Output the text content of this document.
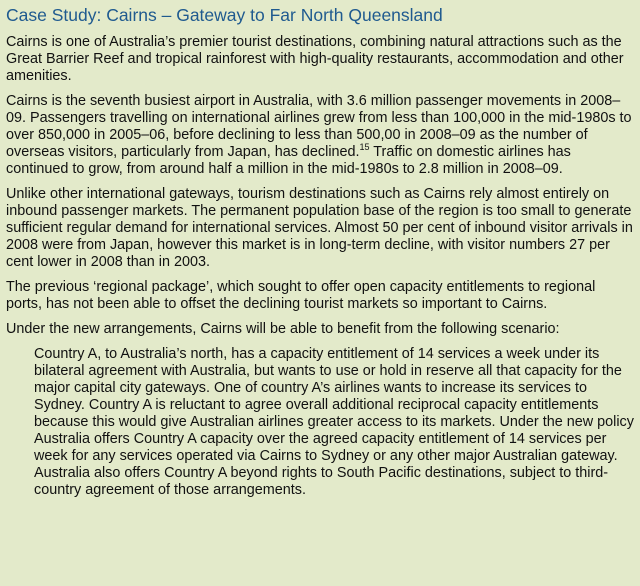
Case Study: Cairns – Gateway to Far North Queensland

Cairns is one of Australia’s premier tourist destinations, combining natural attractions such as the Great Barrier Reef and tropical rainforest with high-quality restaurants, accommodation and other amenities.

Cairns is the seventh busiest airport in Australia, with 3.6 million passenger movements in 2008–09. Passengers travelling on international airlines grew from less than 100,000 in the mid-1980s to over 850,000 in 2005–06, before declining to less than 500,00 in 2008–09 as the number of overseas visitors, particularly from Japan, has declined.$^{15}$ Traffic on domestic airlines has continued to grow, from around half a million in the mid-1980s to 2.8 million in 2008–09.

Unlike other international gateways, tourism destinations such as Cairns rely almost entirely on inbound passenger markets. The permanent population base of the region is too small to generate sufficient regular demand for international services. Almost 50 per cent of inbound visitor arrivals in 2008 were from Japan, however this market is in long-term decline, with visitor numbers 27 per cent lower in 2008 than in 2003.

The previous ‘regional package’, which sought to offer open capacity entitlements to regional ports, has not been able to offset the declining tourist markets so important to Cairns.

Under the new arrangements, Cairns will be able to benefit from the following scenario:

Country A, to Australia’s north, has a capacity entitlement of 14 services a week under its bilateral agreement with Australia, but wants to use or hold in reserve all that capacity for the major capital city gateways. One of country A’s airlines wants to increase its services to Sydney. Country A is reluctant to agree overall additional reciprocal capacity entitlements because this would give Australian airlines greater access to its markets. Under the new policy Australia offers Country A capacity over the agreed capacity entitlement of 14 services per week for any services operated via Cairns to Sydney or any other major Australian gateway. Australia also offers Country A beyond rights to South Pacific destinations, subject to third-country agreement of those arrangements.
